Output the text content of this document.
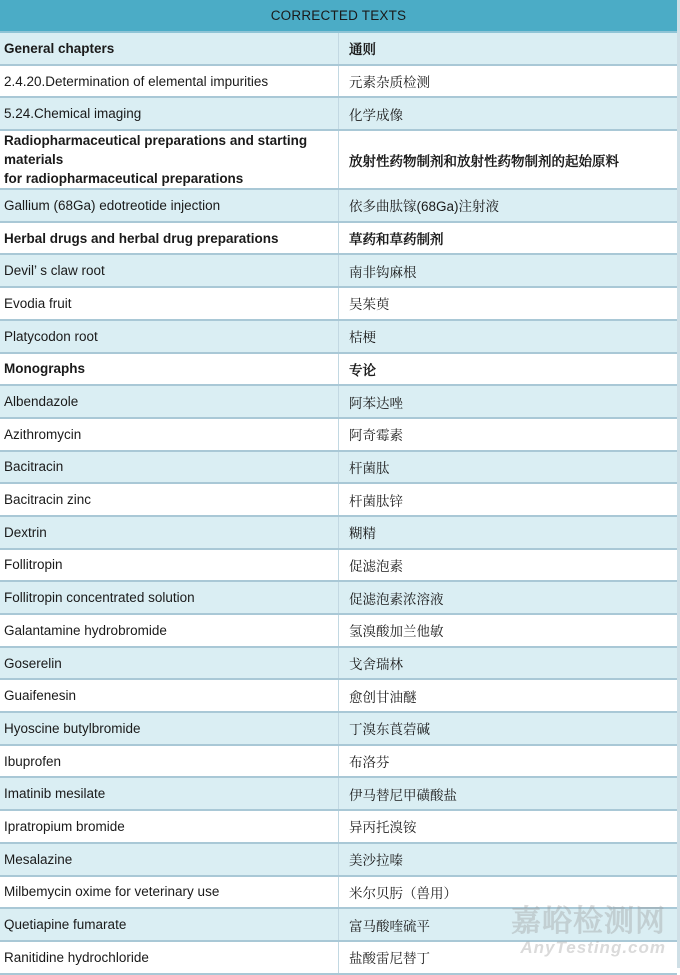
CORRECTED TEXTS	
General chapters	通则
2.4.20.Determination of elemental impurities	元素杂质检测
5.24.Chemical imaging	化学成像
Radiopharmaceutical preparations and starting materials
for radiopharmaceutical preparations	放射性药物制剂和放射性药物制剂的起始原料
Gallium (68Ga) edotreotide injection	依多曲肽镓(68Ga)注射液
Herbal drugs and herbal drug preparations	草药和草药制剂
Devil’ s claw root	南非钩麻根
Evodia fruit	吴茱萸
Platycodon root	桔梗
Monographs	专论
Albendazole	阿苯达唑
Azithromycin	阿奇霉素
Bacitracin	杆菌肽
Bacitracin zinc	杆菌肽锌
Dextrin	糊精
Follitropin	促滤泡素
Follitropin concentrated solution	促滤泡素浓溶液
Galantamine hydrobromide	氢溴酸加兰他敏
Goserelin	戈舍瑞林
Guaifenesin	愈创甘油醚
Hyoscine butylbromide	丁溴东莨菪碱
Ibuprofen	布洛芬
Imatinib mesilate	伊马替尼甲磺酸盐
Ipratropium bromide	异丙托溴铵
Mesalazine	美沙拉嗪
Milbemycin oxime for veterinary use	米尔贝肟（兽用）
Quetiapine fumarate	富马酸喹硫平
Ranitidine hydrochloride	盐酸雷尼替丁
嘉峪检测网
AnyTesting.com
